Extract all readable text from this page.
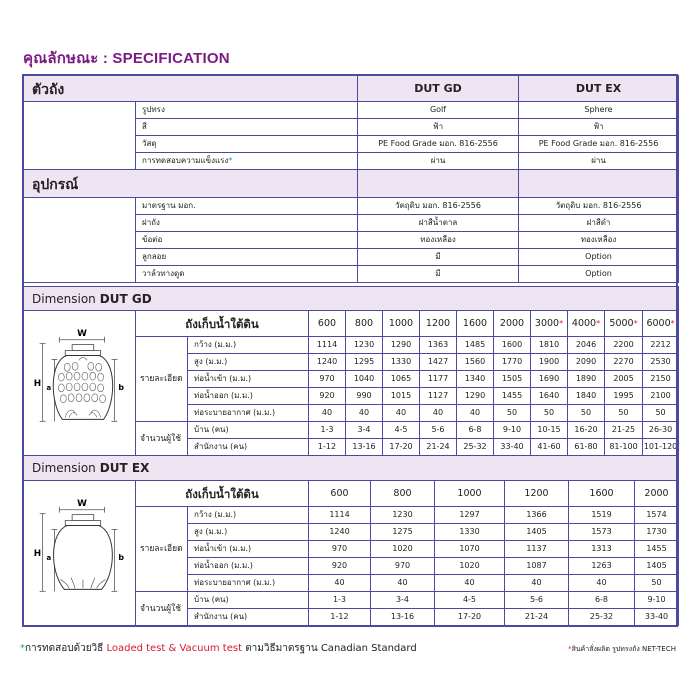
คุณลักษณะ : SPECIFICATION
ตัวถัง		DUT GD	DUT EX
	รูปทรง	Golf	Sphere
	สี	ฟ้า	ฟ้า
	วัสดุ	PE Food Grade มอก. 816-2556	PE Food Grade มอก. 816-2556
	การทดสอบความแข็งแรง*	ผ่าน	ผ่าน
อุปกรณ์			
	มาตรฐาน มอก.	วัตถุดิบ มอก. 816-2556	วัตถุดิบ มอก. 816-2556
	ฝาถัง	ฝาสีน้ำตาล	ฝาสีดำ
	ข้อต่อ	ทองเหลือง	ทองเหลือง
	ลูกลอย	มี	Option
	วาล์วทางดูด	มี	Option
Dimension DUT GD												

W
H a b	ถังเก็บน้ำใต้ดิน		600	800	1000	1200	1600	2000	3000*	4000*	5000*	6000*
	รายละเอียด	กว้าง (ม.ม.)	1114	1230	1290	1363	1485	1600	1810	2046	2200	2212
		สูง (ม.ม.)	1240	1295	1330	1427	1560	1770	1900	2090	2270	2530
		ท่อน้ำเข้า (ม.ม.)	970	1040	1065	1177	1340	1505	1690	1890	2005	2150
		ท่อน้ำออก (ม.ม.)	920	990	1015	1127	1290	1455	1640	1840	1995	2100
		ท่อระบายอากาศ (ม.ม.)	40	40	40	40	40	50	50	50	50	50
	จำนวนผู้ใช้	บ้าน (คน)	1-3	3-4	4-5	5-6	6-8	9-10	10-15	16-20	21-25	26-30
		สำนักงาน (คน)	1-12	13-16	17-20	21-24	25-32	33-40	41-60	61-80	81-100	101-120
Dimension DUT EX								

W
H a b	ถังเก็บน้ำใต้ดิน		600	800	1000	1200	1600	2000
	รายละเอียด	กว้าง (ม.ม.)	1114	1230	1297	1366	1519	1574
		สูง (ม.ม.)	1240	1275	1330	1405	1573	1730
		ท่อน้ำเข้า (ม.ม.)	970	1020	1070	1137	1313	1455
		ท่อน้ำออก (ม.ม.)	920	970	1020	1087	1263	1405
		ท่อระบายอากาศ (ม.ม.)	40	40	40	40	40	50
	จำนวนผู้ใช้	บ้าน (คน)	1-3	3-4	4-5	5-6	6-8	9-10
		สำนักงาน (คน)	1-12	13-16	17-20	21-24	25-32	33-40
*การทดสอบด้วยวิธี Loaded test & Vacuum test ตามวิธีมาตรฐาน Canadian Standard	*สินค้าสั่งผลิต รูปทรงถัง NET-TECH
